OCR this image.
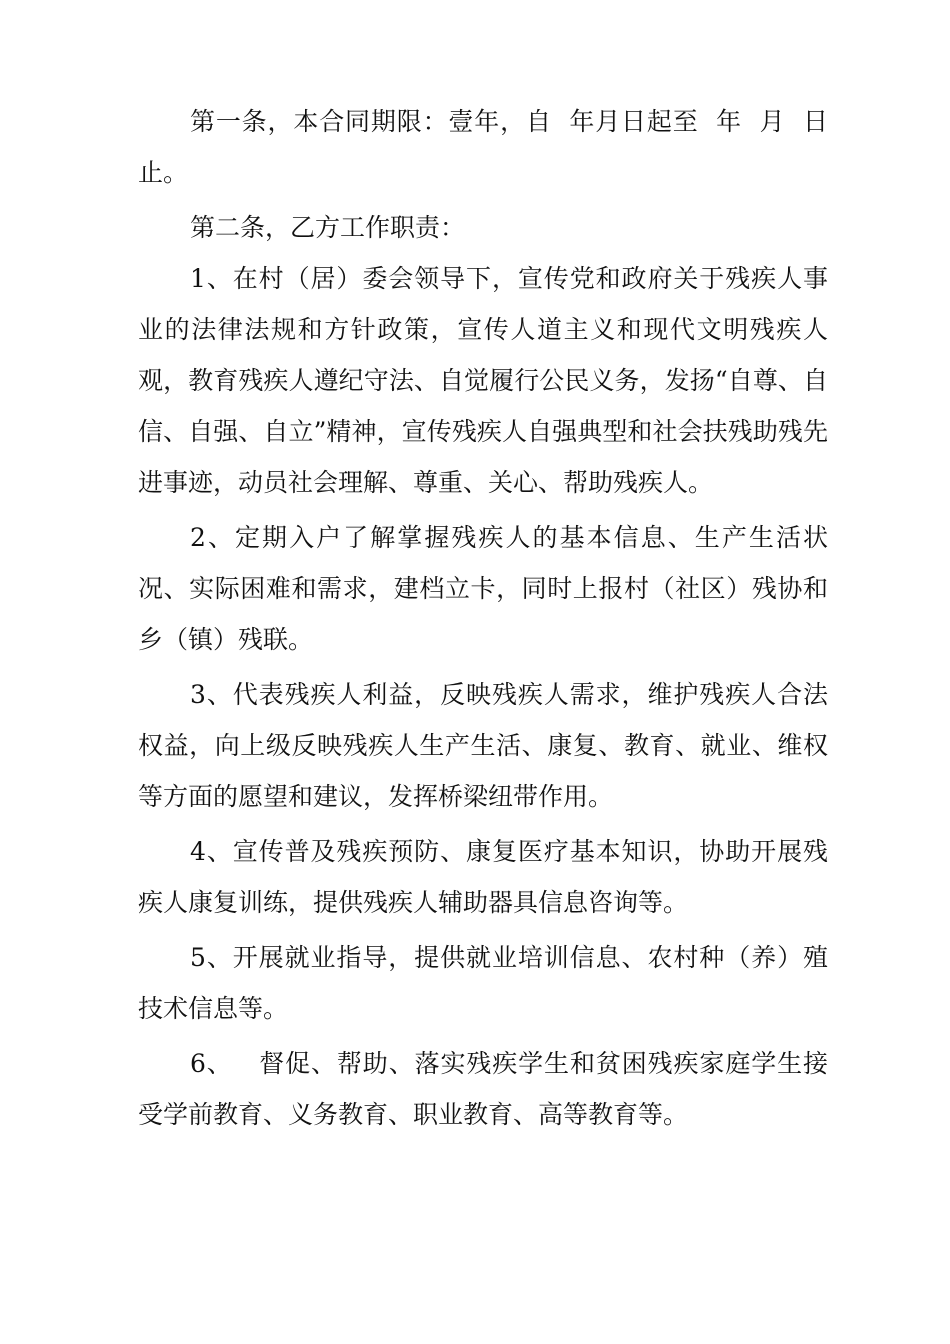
第一条，本合同期限：壹年，自  年月日起至  年  月  日止。

第二条，乙方工作职责：

1、在村（居）委会领导下，宣传党和政府关于残疾人事业的法律法规和方针政策，宣传人道主义和现代文明残疾人观，教育残疾人遵纪守法、自觉履行公民义务，发扬“自尊、自信、自强、自立”精神，宣传残疾人自强典型和社会扶残助残先进事迹，动员社会理解、尊重、关心、帮助残疾人。

2、定期入户了解掌握残疾人的基本信息、生产生活状况、实际困难和需求，建档立卡，同时上报村（社区）残协和乡（镇）残联。

3、代表残疾人利益，反映残疾人需求，维护残疾人合法权益，向上级反映残疾人生产生活、康复、教育、就业、维权等方面的愿望和建议，发挥桥梁纽带作用。

4、宣传普及残疾预防、康复医疗基本知识，协助开展残疾人康复训练，提供残疾人辅助器具信息咨询等。

5、开展就业指导，提供就业培训信息、农村种（养）殖技术信息等。

6、   督促、帮助、落实残疾学生和贫困残疾家庭学生接受学前教育、义务教育、职业教育、高等教育等。
